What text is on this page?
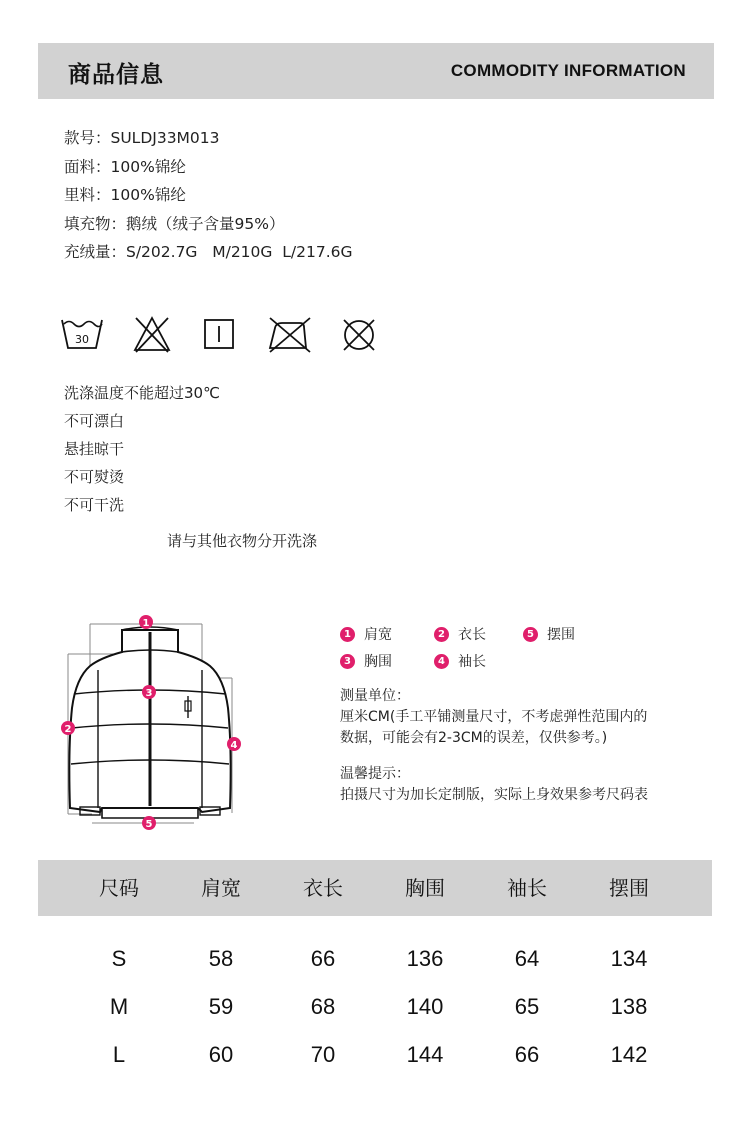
商品信息	COMMODITY INFORMATION
款号：SULDJ33M013
面料：100%锦纶
里料：100%锦纶
填充物：鹅绒（绒子含量95%）
充绒量：S/202.7G   M/210G  L/217.6G
30
洗涤温度不能超过30℃
不可漂白
悬挂晾干
不可熨烫
不可干洗
请与其他衣物分开洗涤
1
2
3
4
5
1 肩宽	2 衣长	5 摆围
3 胸围	4 袖长
测量单位：
厘米CM(手工平铺测量尺寸，不考虑弹性范围内的
数据，可能会有2-3CM的误差，仅供参考。)
温馨提示：
拍摄尺寸为加长定制版，实际上身效果参考尺码表
尺码	肩宽	衣长	胸围	袖长	摆围
S	58	66	136	64	134
M	59	68	140	65	138
L	60	70	144	66	142
